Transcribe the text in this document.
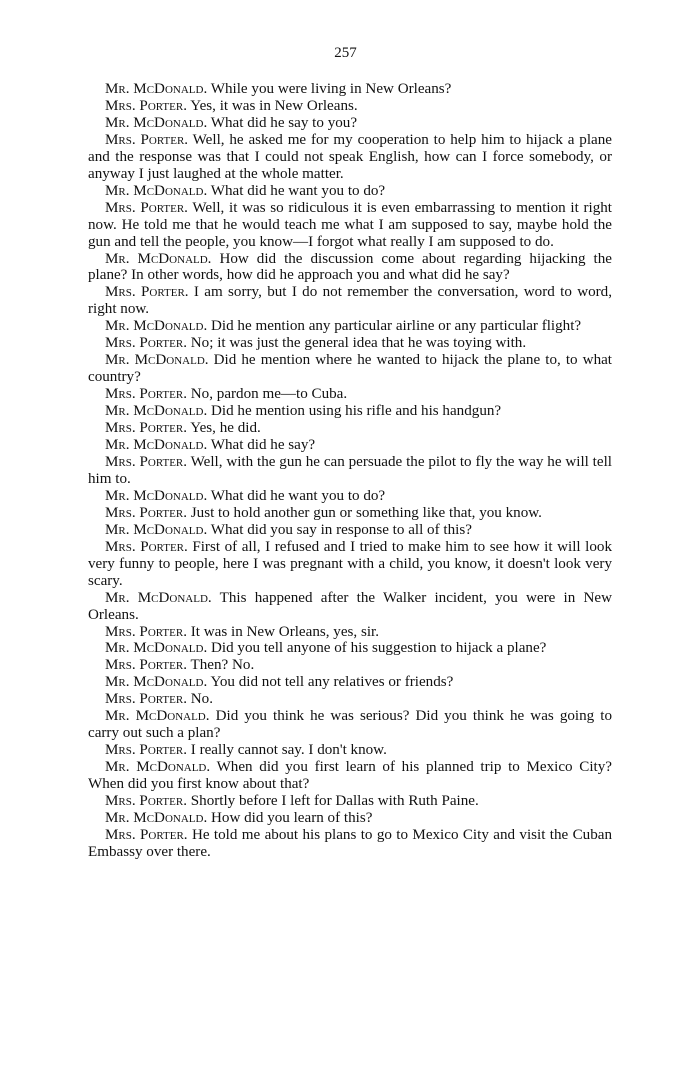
257

Mr. McDonald. While you were living in New Orleans?

Mrs. Porter. Yes, it was in New Orleans.

Mr. McDonald. What did he say to you?

Mrs. Porter. Well, he asked me for my cooperation to help him to hijack a plane and the response was that I could not speak English, how can I force somebody, or anyway I just laughed at the whole matter.

Mr. McDonald. What did he want you to do?

Mrs. Porter. Well, it was so ridiculous it is even embarrassing to mention it right now. He told me that he would teach me what I am supposed to say, maybe hold the gun and tell the people, you know—I forgot what really I am supposed to do.

Mr. McDonald. How did the discussion come about regarding hijacking the plane? In other words, how did he approach you and what did he say?

Mrs. Porter. I am sorry, but I do not remember the conversation, word to word, right now.

Mr. McDonald. Did he mention any particular airline or any particular flight?

Mrs. Porter. No; it was just the general idea that he was toying with.

Mr. McDonald. Did he mention where he wanted to hijack the plane to, to what country?

Mrs. Porter. No, pardon me—to Cuba.

Mr. McDonald. Did he mention using his rifle and his handgun?

Mrs. Porter. Yes, he did.

Mr. McDonald. What did he say?

Mrs. Porter. Well, with the gun he can persuade the pilot to fly the way he will tell him to.

Mr. McDonald. What did he want you to do?

Mrs. Porter. Just to hold another gun or something like that, you know.

Mr. McDonald. What did you say in response to all of this?

Mrs. Porter. First of all, I refused and I tried to make him to see how it will look very funny to people, here I was pregnant with a child, you know, it doesn't look very scary.

Mr. McDonald. This happened after the Walker incident, you were in New Orleans.

Mrs. Porter. It was in New Orleans, yes, sir.

Mr. McDonald. Did you tell anyone of his suggestion to hijack a plane?

Mrs. Porter. Then? No.

Mr. McDonald. You did not tell any relatives or friends?

Mrs. Porter. No.

Mr. McDonald. Did you think he was serious? Did you think he was going to carry out such a plan?

Mrs. Porter. I really cannot say. I don't know.

Mr. McDonald. When did you first learn of his planned trip to Mexico City? When did you first know about that?

Mrs. Porter. Shortly before I left for Dallas with Ruth Paine.

Mr. McDonald. How did you learn of this?

Mrs. Porter. He told me about his plans to go to Mexico City and visit the Cuban Embassy over there.
